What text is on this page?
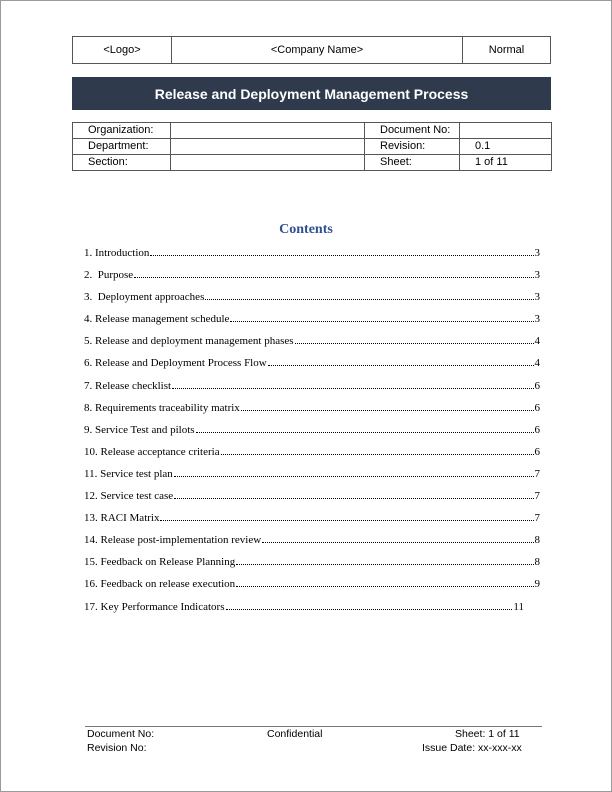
<Logo>	<Company Name>	Normal
Release and Deployment Management Process
Organization:		Document No:	
Department:		Revision:	0.1
Section:		Sheet:	1 of 11
Contents
1. Introduction	3
2.  Purpose	3
3.  Deployment approaches	3
4. Release management schedule	3
5. Release and deployment management phases	4
6. Release and Deployment Process Flow	4
7. Release checklist	6
8. Requirements traceability matrix	6
9. Service Test and pilots	6
10. Release acceptance criteria	6
11. Service test plan	7
12. Service test case	7
13. RACI Matrix	7
14. Release post-implementation review	8
15. Feedback on Release Planning	8
16. Feedback on release execution	9
17. Key Performance Indicators	11
Document No:	Confidential	Sheet: 1 of 11
Revision No:	Issue Date: xx-xxx-xx
